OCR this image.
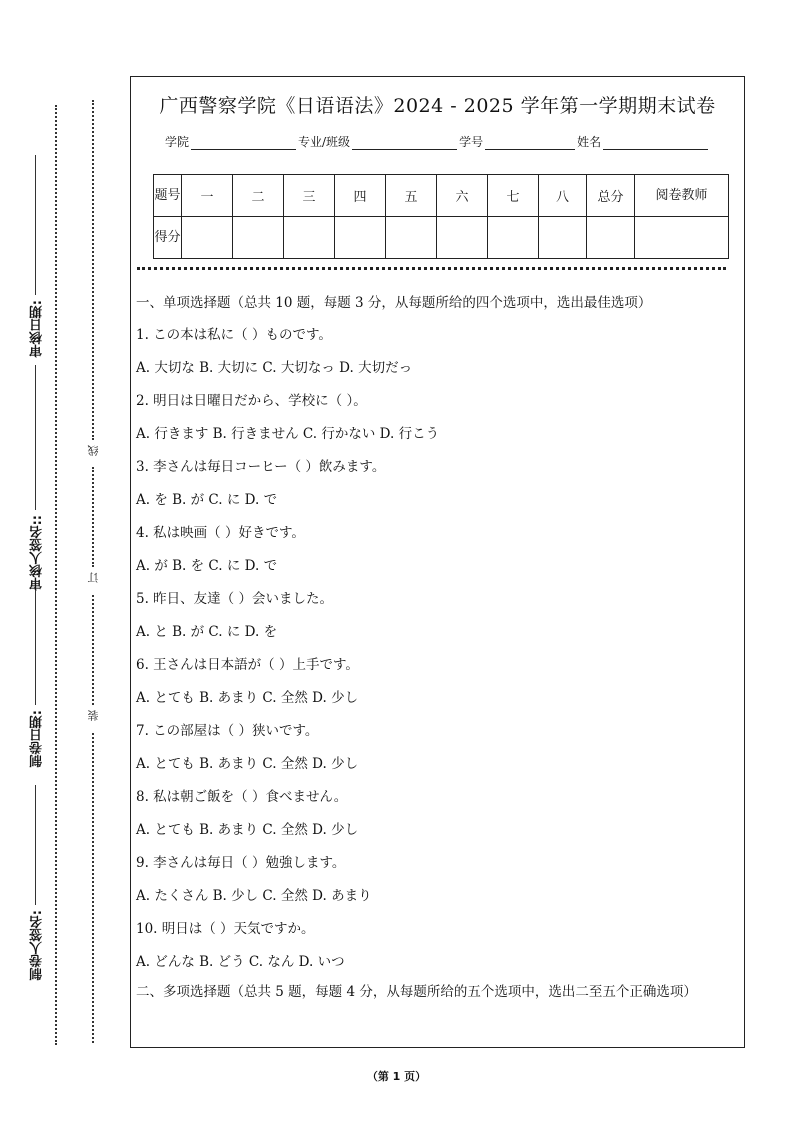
审核日期:
审核人签名::
制卷日期:
制卷人签名:
线
订
装
广西警察学院《日语语法》2024 - 2025 学年第一学期期末试卷
学院	专业/班级	学号	姓名
题号	一	二	三	四	五	六	七	八	总分	阅卷教师
得分										

一、单项选择题（总共 10 题，每题 3 分，从每题所给的四个选项中，选出最佳选项）

1. この本は私に（ ）ものです。

A. 大切な B. 大切に C. 大切なっ D. 大切だっ

2. 明日は日曜日だから、学校に（ ）。

A. 行きます B. 行きません C. 行かない D. 行こう

3. 李さんは毎日コーヒー（ ）飲みます。

A. を B. が C. に D. で

4. 私は映画（ ）好きです。

A. が B. を C. に D. で

5. 昨日、友達（ ）会いました。

A. と B. が C. に D. を

6. 王さんは日本語が（ ）上手です。

A. とても B. あまり C. 全然 D. 少し

7. この部屋は（ ）狭いです。

A. とても B. あまり C. 全然 D. 少し

8. 私は朝ご飯を（ ）食べません。

A. とても B. あまり C. 全然 D. 少し

9. 李さんは毎日（ ）勉強します。

A. たくさん B. 少し C. 全然 D. あまり

10. 明日は（ ）天気ですか。

A. どんな B. どう C. なん D. いつ

二、多项选择题（总共 5 题，每题 4 分，从每题所给的五个选项中，选出二至五个正确选项）
（第 1 页）
